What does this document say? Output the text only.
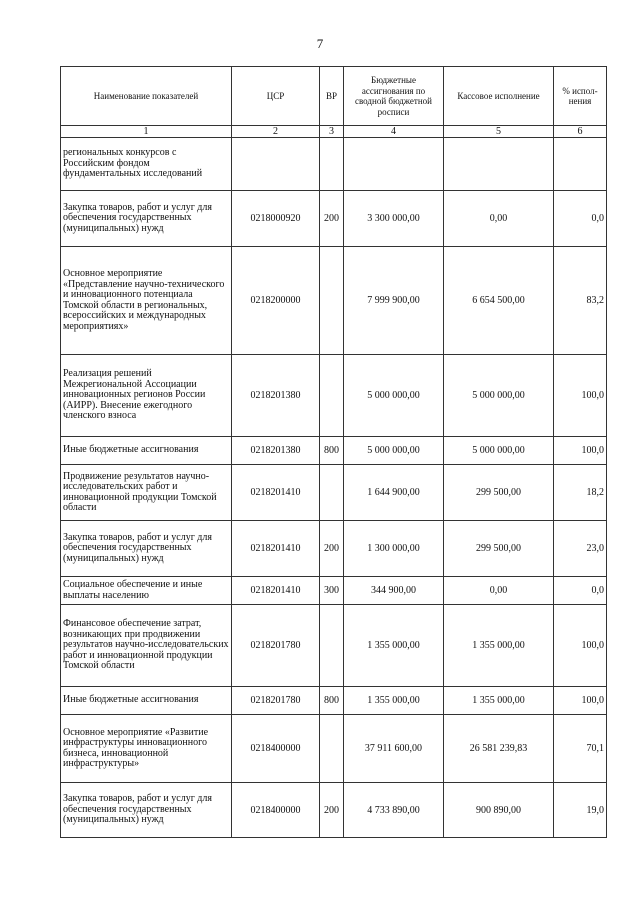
7
Наименование показателей	ЦСР	ВР	Бюджетные ассигнования по сводной бюджетной росписи	Кассовое исполнение	% испол-нения
1	2	3	4	5	6
региональных конкурсов с Российским фондом фундаментальных исследований					
Закупка товаров, работ и услуг для обеспечения государственных (муниципальных) нужд	0218000920	200	3 300 000,00	0,00	0,0
Основное мероприятие «Представление научно-технического и инновационного потенциала Томской области в региональных, всероссийских и международных мероприятиях»	0218200000		7 999 900,00	6 654 500,00	83,2
Реализация решений Межрегиональной Ассоциации инновационных регионов России (АИРР). Внесение ежегодного членского взноса	0218201380		5 000 000,00	5 000 000,00	100,0
Иные бюджетные ассигнования	0218201380	800	5 000 000,00	5 000 000,00	100,0
Продвижение результатов научно-исследовательских работ и инновационной продукции Томской области	0218201410		1 644 900,00	299 500,00	18,2
Закупка товаров, работ и услуг для обеспечения государственных (муниципальных) нужд	0218201410	200	1 300 000,00	299 500,00	23,0
Социальное обеспечение и иные выплаты населению	0218201410	300	344 900,00	0,00	0,0
Финансовое обеспечение затрат, возникающих при продвижении результатов научно-исследовательских работ и инновационной продукции Томской области	0218201780		1 355 000,00	1 355 000,00	100,0
Иные бюджетные ассигнования	0218201780	800	1 355 000,00	1 355 000,00	100,0
Основное мероприятие «Развитие инфраструктуры инновационного бизнеса, инновационной инфраструктуры»	0218400000		37 911 600,00	26 581 239,83	70,1
Закупка товаров, работ и услуг для обеспечения государственных (муниципальных) нужд	0218400000	200	4 733 890,00	900 890,00	19,0
